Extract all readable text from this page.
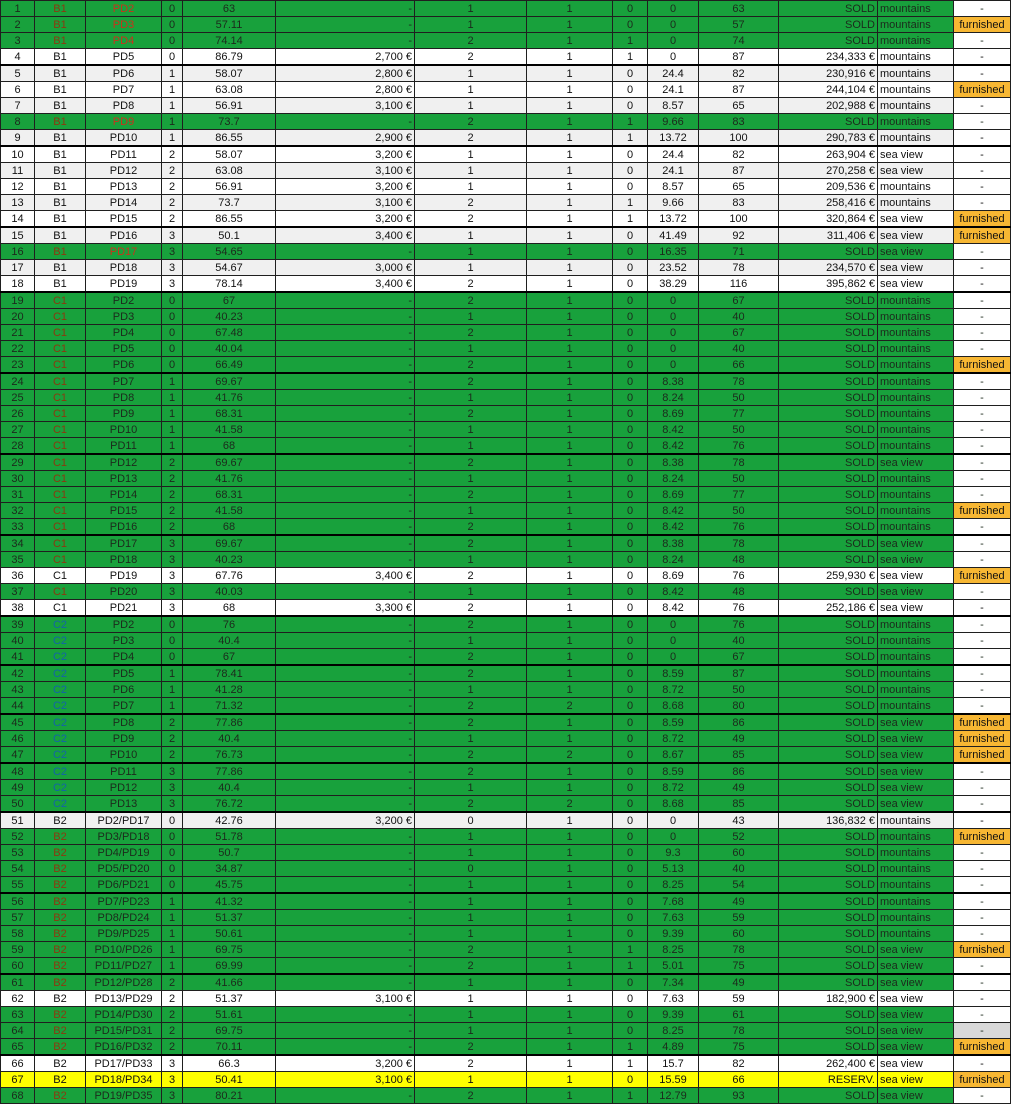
1	B1	PD2	0	63	-	1	1	0	0	63	SOLD	mountains	-
2	B1	PD3	0	57.11	-	1	1	0	0	57	SOLD	mountains	furnished
3	B1	PD4	0	74.14	-	2	1	1	0	74	SOLD	mountains	-
4	B1	PD5	0	86.79	2,700 €	2	1	1	0	87	234,333 €	mountains	-
5	B1	PD6	1	58.07	2,800 €	1	1	0	24.4	82	230,916 €	mountains	-
6	B1	PD7	1	63.08	2,800 €	1	1	0	24.1	87	244,104 €	mountains	furnished
7	B1	PD8	1	56.91	3,100 €	1	1	0	8.57	65	202,988 €	mountains	-
8	B1	PD9	1	73.7	-	2	1	1	9.66	83	SOLD	mountains	-
9	B1	PD10	1	86.55	2,900 €	2	1	1	13.72	100	290,783 €	mountains	-
10	B1	PD11	2	58.07	3,200 €	1	1	0	24.4	82	263,904 €	sea view	-
11	B1	PD12	2	63.08	3,100 €	1	1	0	24.1	87	270,258 €	sea view	-
12	B1	PD13	2	56.91	3,200 €	1	1	0	8.57	65	209,536 €	mountains	-
13	B1	PD14	2	73.7	3,100 €	2	1	1	9.66	83	258,416 €	mountains	-
14	B1	PD15	2	86.55	3,200 €	2	1	1	13.72	100	320,864 €	sea view	furnished
15	B1	PD16	3	50.1	3,400 €	1	1	0	41.49	92	311,406 €	sea view	furnished
16	B1	PD17	3	54.65	-	1	1	0	16.35	71	SOLD	sea view	-
17	B1	PD18	3	54.67	3,000 €	1	1	0	23.52	78	234,570 €	sea view	-
18	B1	PD19	3	78.14	3,400 €	2	1	0	38.29	116	395,862 €	sea view	-
19	C1	PD2	0	67	-	2	1	0	0	67	SOLD	mountains	-
20	C1	PD3	0	40.23	-	1	1	0	0	40	SOLD	mountains	-
21	C1	PD4	0	67.48	-	2	1	0	0	67	SOLD	mountains	-
22	C1	PD5	0	40.04	-	1	1	0	0	40	SOLD	mountains	-
23	C1	PD6	0	66.49	-	2	1	0	0	66	SOLD	mountains	furnished
24	C1	PD7	1	69.67	-	2	1	0	8.38	78	SOLD	mountains	-
25	C1	PD8	1	41.76	-	1	1	0	8.24	50	SOLD	mountains	-
26	C1	PD9	1	68.31	-	2	1	0	8.69	77	SOLD	mountains	-
27	C1	PD10	1	41.58	-	1	1	0	8.42	50	SOLD	mountains	-
28	C1	PD11	1	68	-	1	1	0	8.42	76	SOLD	mountains	-
29	C1	PD12	2	69.67	-	2	1	0	8.38	78	SOLD	sea view	-
30	C1	PD13	2	41.76	-	1	1	0	8.24	50	SOLD	mountains	-
31	C1	PD14	2	68.31	-	2	1	0	8.69	77	SOLD	mountains	-
32	C1	PD15	2	41.58	-	1	1	0	8.42	50	SOLD	mountains	furnished
33	C1	PD16	2	68	-	2	1	0	8.42	76	SOLD	mountains	-
34	C1	PD17	3	69.67	-	2	1	0	8.38	78	SOLD	sea view	-
35	C1	PD18	3	40.23	-	1	1	0	8.24	48	SOLD	sea view	-
36	C1	PD19	3	67.76	3,400 €	2	1	0	8.69	76	259,930 €	sea view	furnished
37	C1	PD20	3	40.03	-	1	1	0	8.42	48	SOLD	sea view	-
38	C1	PD21	3	68	3,300 €	2	1	0	8.42	76	252,186 €	sea view	-
39	C2	PD2	0	76	-	2	1	0	0	76	SOLD	mountains	-
40	C2	PD3	0	40.4	-	1	1	0	0	40	SOLD	mountains	-
41	C2	PD4	0	67	-	2	1	0	0	67	SOLD	mountains	-
42	C2	PD5	1	78.41	-	2	1	0	8.59	87	SOLD	mountains	-
43	C2	PD6	1	41.28	-	1	1	0	8.72	50	SOLD	mountains	-
44	C2	PD7	1	71.32	-	2	2	0	8.68	80	SOLD	mountains	-
45	C2	PD8	2	77.86	-	2	1	0	8.59	86	SOLD	sea view	furnished
46	C2	PD9	2	40.4	-	1	1	0	8.72	49	SOLD	sea view	furnished
47	C2	PD10	2	76.73	-	2	2	0	8.67	85	SOLD	sea view	furnished
48	C2	PD11	3	77.86	-	2	1	0	8.59	86	SOLD	sea view	-
49	C2	PD12	3	40.4	-	1	1	0	8.72	49	SOLD	sea view	-
50	C2	PD13	3	76.72	-	2	2	0	8.68	85	SOLD	sea view	-
51	B2	PD2/PD17	0	42.76	3,200 €	0	1	0	0	43	136,832 €	mountains	-
52	B2	PD3/PD18	0	51.78	-	1	1	0	0	52	SOLD	mountains	furnished
53	B2	PD4/PD19	0	50.7	-	1	1	0	9.3	60	SOLD	mountains	-
54	B2	PD5/PD20	0	34.87	-	0	1	0	5.13	40	SOLD	mountains	-
55	B2	PD6/PD21	0	45.75	-	1	1	0	8.25	54	SOLD	mountains	-
56	B2	PD7/PD23	1	41.32	-	1	1	0	7.68	49	SOLD	mountains	-
57	B2	PD8/PD24	1	51.37	-	1	1	0	7.63	59	SOLD	mountains	-
58	B2	PD9/PD25	1	50.61	-	1	1	0	9.39	60	SOLD	mountains	-
59	B2	PD10/PD26	1	69.75	-	2	1	1	8.25	78	SOLD	sea view	furnished
60	B2	PD11/PD27	1	69.99	-	2	1	1	5.01	75	SOLD	sea view	-
61	B2	PD12/PD28	2	41.66	-	1	1	0	7.34	49	SOLD	sea view	-
62	B2	PD13/PD29	2	51.37	3,100 €	1	1	0	7.63	59	182,900 €	sea view	-
63	B2	PD14/PD30	2	51.61	-	1	1	0	9.39	61	SOLD	sea view	-
64	B2	PD15/PD31	2	69.75	-	1	1	0	8.25	78	SOLD	sea view	-
65	B2	PD16/PD32	2	70.11	-	2	1	1	4.89	75	SOLD	sea view	furnished
66	B2	PD17/PD33	3	66.3	3,200 €	2	1	1	15.7	82	262,400 €	sea view	-
67	B2	PD18/PD34	3	50.41	3,100 €	1	1	0	15.59	66	RESERV.	sea view	furnished
68	B2	PD19/PD35	3	80.21	-	2	1	1	12.79	93	SOLD	sea view	-
